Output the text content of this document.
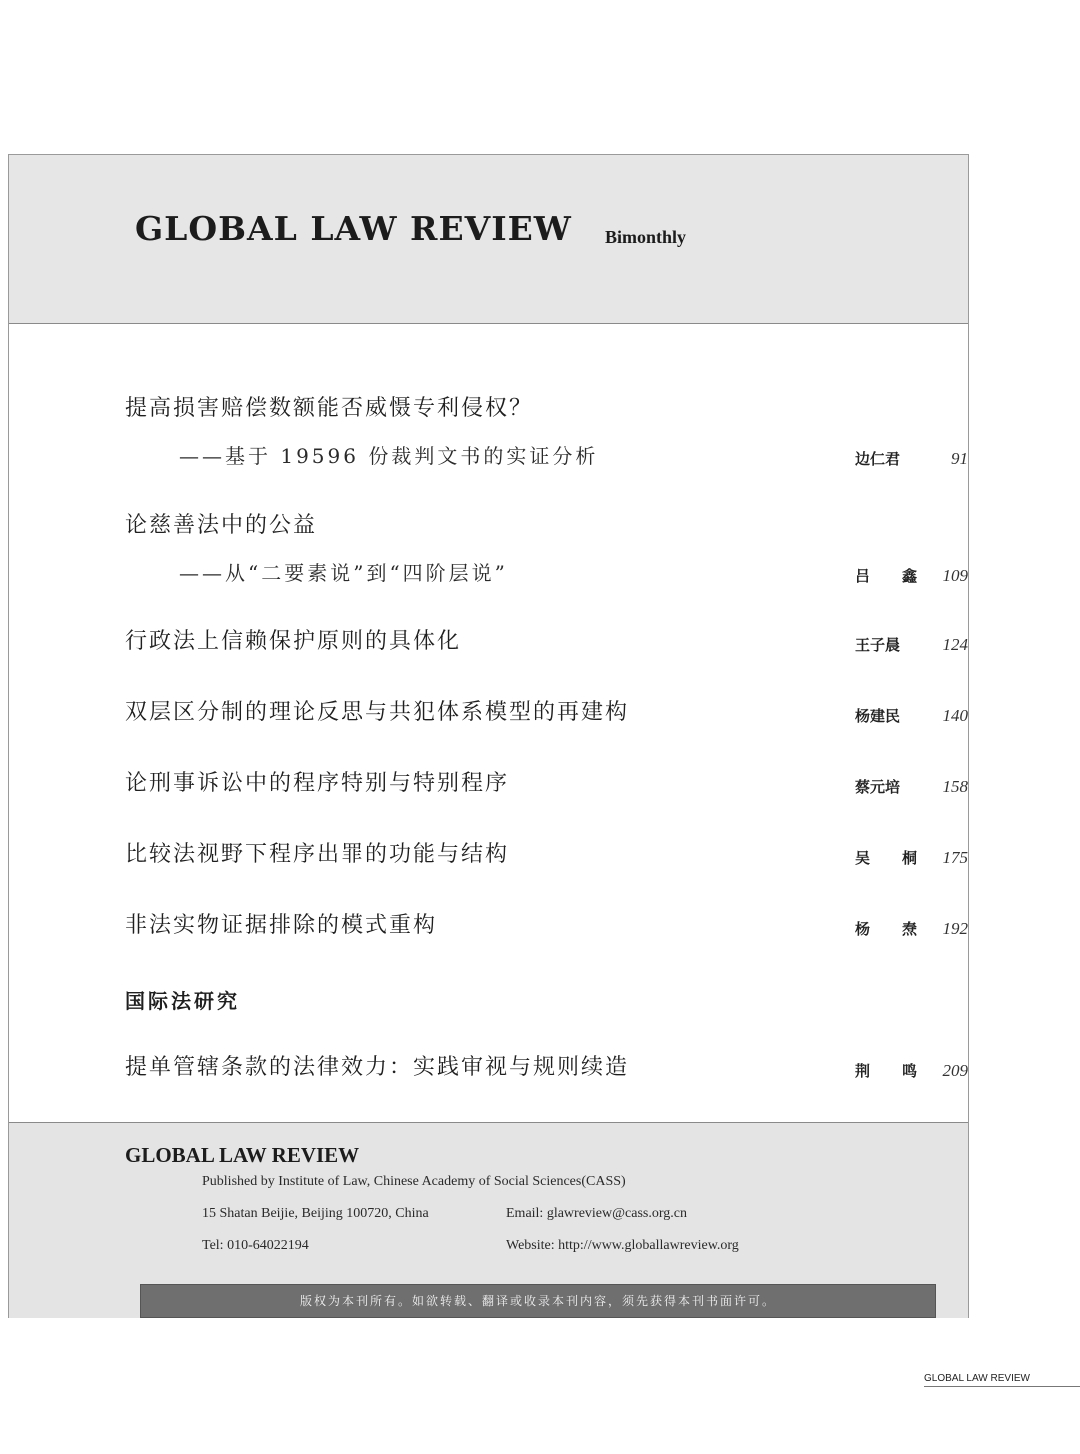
GLOBAL LAW REVIEW Bimonthly
提高损害赔偿数额能否威慑专利侵权？
——基于 19596 份裁判文书的实证分析	边仁君	91
论慈善法中的公益
——从“二要素说”到“四阶层说”	吕 鑫 109
行政法上信赖保护原则的具体化	王子晨	124
双层区分制的理论反思与共犯体系模型的再建构	杨建民	140
论刑事诉讼中的程序特别与特别程序	蔡元培	158
比较法视野下程序出罪的功能与结构	吴 桐 175
非法实物证据排除的模式重构	杨 焘 192
国际法研究
提单管辖条款的法律效力：实践审视与规则续造	荆 鸣 209
GLOBAL LAW REVIEW
Published by Institute of Law, Chinese Academy of Social Sciences(CASS)
15 Shatan Beijie, Beijing 100720, China	Email: glawreview@cass.org.cn
Tel: 010-64022194	Website: http://www.globallawreview.org
版权为本刊所有。如欲转载、翻译或收录本刊内容，须先获得本刊书面许可。
GLOBAL LAW REVIEW
